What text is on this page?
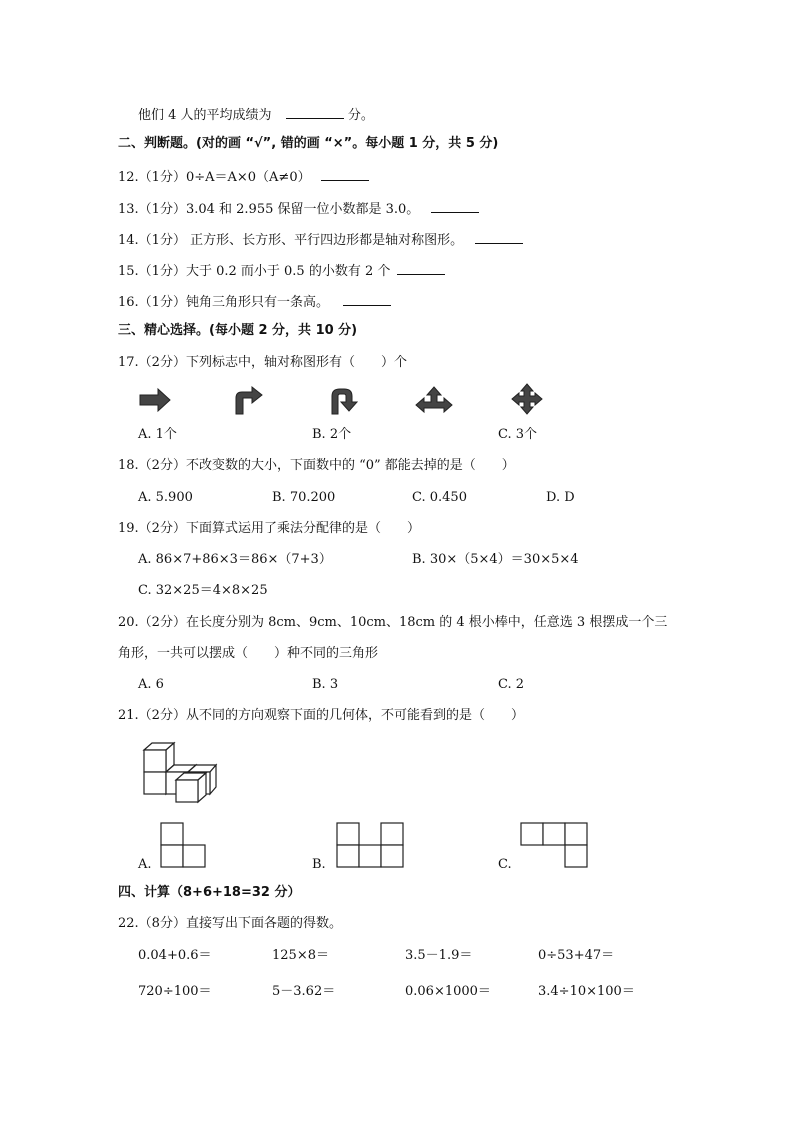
他们 4 人的平均成绩为	分。
二、判断题。(对的画 “√”, 错的画 “×”。每小题 1 分，共 5 分)
12.（1分）0÷A＝A×0（A≠0）
13.（1分）3.04 和 2.955 保留一位小数都是 3.0。
14.（1分） 正方形、长方形、平行四边形都是轴对称图形。
15.（1分）大于 0.2 而小于 0.5 的小数有 2 个
16.（1分）钝角三角形只有一条高。
三、精心选择。(每小题 2 分，共 10 分)
17.（2分）下列标志中，轴对称图形有（　　）个
A. 1个	B. 2个	C. 3个
18.（2分）不改变数的大小，下面数中的 “0” 都能去掉的是（　　）
A. 5.900	B. 70.200	C. 0.450	D. D
19.（2分）下面算式运用了乘法分配律的是（　　）
A. 86×7+86×3＝86×（7+3）	B. 30×（5×4）＝30×5×4
C. 32×25＝4×8×25
20.（2分）在长度分别为 8cm、9cm、10cm、18cm 的 4 根小棒中，任意选 3 根摆成一个三
角形，一共可以摆成（　　）种不同的三角形
A. 6	B. 3	C. 2
21.（2分）从不同的方向观察下面的几何体，不可能看到的是（　　）
A.	B.	C.
四、计算（8+6+18=32 分）
22.（8分）直接写出下面各题的得数。
0.04+0.6＝	125×8＝	3.5－1.9＝	0÷53+47＝
720÷100＝	5－3.62＝	0.06×1000＝	3.4÷10×100＝
